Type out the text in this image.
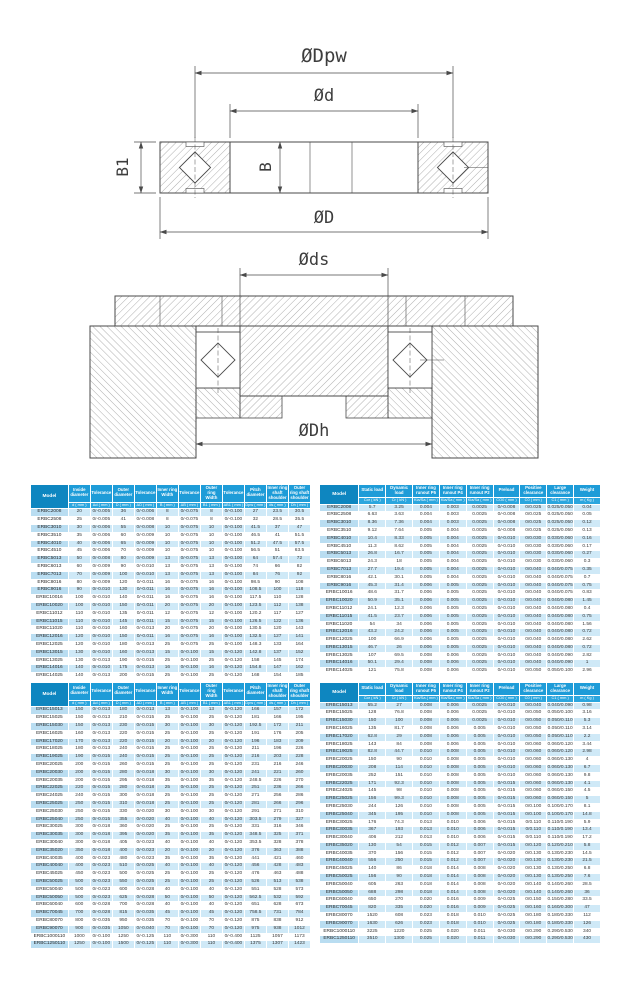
ØDpw
Ød
B
B1
ØD
Øds
ØDh
Model	Inside diameter	Tolerance	Outer diameter	Tolerance	Inner ring Width	Tolerance	Outer ring Width	Tolerance	Pitch diameter	Inner ring shaft shoulder	Outer ring shaft shoulder
	d ( mm )	Δd ( mm )	D ( mm )	ΔD ( mm )	B ( mm )	ΔB ( mm )	B1 ( mm )	ΔB1 ( mm )	Dpw ( mm )	ds ( mm )	Dh ( mm )
ERBC2008	20	0/-0.005	36	0/-0.006	8	0/-0.075	8	0/-0.100	27	23.5	30.5
ERBC2508	25	0/-0.005	41	0/-0.008	8	0/-0.075	8	0/-0.100	32	28.5	35.5
ERBC3010	30	0/-0.006	55	0/-0.008	10	0/-0.075	10	0/-0.100	41.5	37	47
ERBC3510	35	0/-0.006	60	0/-0.009	10	0/-0.075	10	0/-0.100	46.5	41	51.5
ERBC4010	40	0/-0.006	65	0/-0.009	10	0/-0.075	10	0/-0.100	51.2	47.5	57.5
ERBC4510	45	0/-0.006	70	0/-0.009	10	0/-0.075	10	0/-0.100	56.5	51	63.5
ERBC5013	50	0/-0.008	80	0/-0.009	13	0/-0.075	13	0/-0.100	64	57.4	72
ERBC6013	60	0/-0.009	90	0/-0.010	13	0/-0.075	13	0/-0.100	74	66	82
ERBC7013	70	0/-0.009	100	0/-0.010	13	0/-0.075	13	0/-0.100	84	76	92
ERBC8016	80	0/-0.009	120	0/-0.011	16	0/-0.075	16	0/-0.100	98.5	90	108
ERBC9016	90	0/-0.010	130	0/-0.011	16	0/-0.075	16	0/-0.100	108.5	100	118
ERBC10016	100	0/-0.010	140	0/-0.011	16	0/-0.075	16	0/-0.100	117.5	110	128
ERBC10020	100	0/-0.010	150	0/-0.011	20	0/-0.075	20	0/-0.100	123.5	112	138
ERBC11012	110	0/-0.010	135	0/-0.011	12	0/-0.075	12	0/-0.100	120.2	117	127
ERBC11015	110	0/-0.010	145	0/-0.011	15	0/-0.075	15	0/-0.100	126.5	122	136
ERBC11020	110	0/-0.010	160	0/-0.013	20	0/-0.075	20	0/-0.100	130.5	120	143
ERBC12016	120	0/-0.010	150	0/-0.011	16	0/-0.075	16	0/-0.100	132.5	127	141
ERBC12025	120	0/-0.010	180	0/-0.013	25	0/-0.075	25	0/-0.100	148.3	133	164
ERBC13015	130	0/-0.010	160	0/-0.013	15	0/-0.100	15	0/-0.120	142.8	137	152
ERBC13025	130	0/-0.013	190	0/-0.015	25	0/-0.100	25	0/-0.120	158	145	174
ERBC14016	140	0/-0.010	175	0/-0.013	16	0/-0.100	16	0/-0.120	154.8	147	162
ERBC14025	140	0/-0.013	200	0/-0.015	25	0/-0.100	25	0/-0.120	168	154	185
Model	Static load	Dynamic load	Inner ring runout P5	Inner ring runout P4	Inner ring runout P2	Preload	Positive clearance	Large clearance	Weight
	Cor ( kN )	Cr ( kN )	Kia/Sa ( mm )	Kia/Sa ( mm )	Kia/Sa ( mm )	CO0 ( mm )	C0 ( mm )	C1 ( mm )	m ( Kg )
ERBC2008	5.7	3.25	0.004	0.003	0.0025	0/-0.008	0/0.025	0.025/0.050	0.04
ERBC2508	6.63	3.63	0.004	0.003	0.0025	0/-0.008	0/0.025	0.025/0.050	0.05
ERBC3010	8.36	7.36	0.004	0.003	0.0025	0/-0.008	0/0.025	0.025/0.050	0.12
ERBC3510	9.12	7.64	0.005	0.004	0.0025	0/-0.008	0/0.025	0.025/0.050	0.13
ERBC4010	10.4	8.33	0.005	0.004	0.0025	0/-0.010	0/0.030	0.030/0.060	0.16
ERBC4510	11.3	8.62	0.005	0.004	0.0025	0/-0.010	0/0.030	0.030/0.060	0.17
ERBC5013	26.8	16.7	0.005	0.004	0.0025	0/-0.010	0/0.030	0.030/0.060	0.27
ERBC6013	24.3	18	0.005	0.004	0.0025	0/-0.010	0/0.030	0.030/0.060	0.3
ERBC7013	27.7	19.4	0.005	0.004	0.0025	0/-0.010	0/0.040	0.040/0.075	0.35
ERBC8016	42.1	30.1	0.005	0.004	0.0025	0/-0.010	0/0.040	0.040/0.075	0.7
ERBC9016	45.3	31.4	0.006	0.005	0.0025	0/-0.010	0/0.040	0.040/0.075	0.75
ERBC10016	48.6	31.7	0.006	0.005	0.0025	0/-0.010	0/0.040	0.040/0.075	0.83
ERBC10020	50.9	35.1	0.006	0.005	0.0025	0/-0.010	0/0.040	0.040/0.080	1.45
ERBC11012	24.1	12.3	0.006	0.005	0.0025	0/-0.010	0/0.040	0.040/0.080	0.4
ERBC11015	41.5	23.7	0.006	0.005	0.0025	0/-0.010	0/0.040	0.040/0.080	0.75
ERBC11020	54	34	0.006	0.005	0.0025	0/-0.010	0/0.040	0.040/0.080	1.56
ERBC12016	43.2	24.2	0.006	0.005	0.0025	0/-0.010	0/0.040	0.040/0.080	0.72
ERBC12025	100	66.9	0.006	0.005	0.0025	0/-0.010	0/0.040	0.040/0.080	2.62
ERBC13015	46.7	26	0.006	0.005	0.0025	0/-0.010	0/0.040	0.040/0.080	0.72
ERBC13025	107	69.5	0.008	0.006	0.0025	0/-0.010	0/0.040	0.040/0.090	2.82
ERBC14016	50.1	29.4	0.008	0.006	0.0025	0/-0.010	0/0.040	0.040/0.090	1
ERBC14025	121	75.8	0.008	0.006	0.0025	0/-0.010	0/0.050	0.050/0.100	2.96
Model	Inside diameter	Tolerance	Outer diameter	Tolerance	Inner ring Width	Tolerance	Outer ring Width	Tolerance	Pitch diameter	Inner ring shaft shoulder	Outer ring shaft shoulder
	d ( mm )	Δd ( mm )	D ( mm )	ΔD ( mm )	B ( mm )	ΔB ( mm )	B1 ( mm )	ΔB1 ( mm )	Dpw ( mm )	ds ( mm )	Dh ( mm )
ERBC15013	150	0/-0.013	180	0/-0.013	13	0/-0.100	13	0/-0.120	166	157	172
ERBC15025	150	0/-0.013	210	0/-0.015	25	0/-0.100	25	0/-0.120	181	166	195
ERBC15030	150	0/-0.013	230	0/-0.015	30	0/-0.100	30	0/-0.120	192.5	172	211
ERBC16025	160	0/-0.013	220	0/-0.015	25	0/-0.100	25	0/-0.120	191	176	205
ERBC17020	170	0/-0.013	220	0/-0.015	20	0/-0.100	20	0/-0.120	196	183	209
ERBC18025	180	0/-0.013	240	0/-0.015	25	0/-0.100	25	0/-0.120	211	196	226
ERBC19025	190	0/-0.015	240	0/-0.015	25	0/-0.100	25	0/-0.120	216	203	228
ERBC20025	200	0/-0.015	260	0/-0.015	25	0/-0.100	25	0/-0.120	231	216	246
ERBC20030	200	0/-0.015	280	0/-0.018	30	0/-0.100	30	0/-0.120	241	221	260
ERBC20035	200	0/-0.015	295	0/-0.018	35	0/-0.100	35	0/-0.120	248.5	226	270
ERBC22025	220	0/-0.015	280	0/-0.018	25	0/-0.100	25	0/-0.120	251	236	266
ERBC24025	240	0/-0.015	300	0/-0.018	25	0/-0.100	25	0/-0.120	271	256	286
ERBC25025	250	0/-0.015	310	0/-0.018	25	0/-0.100	25	0/-0.120	281	266	296
ERBC25030	250	0/-0.015	330	0/-0.020	30	0/-0.100	30	0/-0.120	291	271	310
ERBC25040	250	0/-0.015	355	0/-0.020	40	0/-0.100	40	0/-0.120	303.5	279	327
ERBC30025	300	0/-0.018	360	0/-0.020	25	0/-0.100	25	0/-0.120	331	316	346
ERBC30035	300	0/-0.018	395	0/-0.020	35	0/-0.100	35	0/-0.120	348.5	325	371
ERBC30040	300	0/-0.018	405	0/-0.023	40	0/-0.100	40	0/-0.120	353.5	328	378
ERBC35020	350	0/-0.018	400	0/-0.023	20	0/-0.100	20	0/-0.120	376	363	388
ERBC40035	400	0/-0.023	480	0/-0.023	35	0/-0.100	35	0/-0.120	441	421	460
ERBC40040	400	0/-0.023	510	0/-0.025	40	0/-0.100	40	0/-0.120	456	428	483
ERBC45025	450	0/-0.023	500	0/-0.025	25	0/-0.100	25	0/-0.120	476	463	488
ERBC50025	500	0/-0.023	550	0/-0.025	25	0/-0.100	25	0/-0.120	526	513	538
ERBC50040	500	0/-0.023	600	0/-0.028	40	0/-0.100	40	0/-0.120	551	528	573
ERBC50050	500	0/-0.023	625	0/-0.028	50	0/-0.100	50	0/-0.120	562.5	532	592
ERBC60040	600	0/-0.028	700	0/-0.028	40	0/-0.100	40	0/-0.120	651	628	673
ERBC70045	700	0/-0.028	815	0/-0.035	45	0/-0.100	45	0/-0.120	758.5	731	784
ERBC80070	800	0/-0.035	950	0/-0.035	70	0/-0.100	70	0/-0.120	875	838	912
ERBC90070	900	0/-0.035	1050	0/-0.040	70	0/-0.100	70	0/-0.120	975	938	1012
ERBC1000110	1000	0/-0.100	1250	0/-0.125	110	0/-0.300	110	0/-0.400	1125	1057	1173
ERBC1250110	1250	0/-0.100	1500	0/-0.125	110	0/-0.300	110	0/-0.400	1375	1307	1423
Model	Static load	Dynamic load	Inner ring runout P5	Inner ring runout P4	Inner ring runout P2	Preload	Positive clearance	Large clearance	Weight
	Cor ( kN )	Cr ( kN )	Kia/Sa ( mm )	Kia/Sa ( mm )	Kia/Sa ( mm )	CO0 ( mm )	C0 ( mm )	C1 ( mm )	m ( Kg )
ERBC15013	55.2	27	0.008	0.006	0.0025	0/-0.010	0/0.040	0.040/0.090	0.98
ERBC15025	128	76.8	0.008	0.006	0.0025	0/-0.010	0/0.050	0.050/0.100	3.16
ERBC15030	150	100	0.008	0.006	0.0025	0/-0.010	0/0.050	0.050/0.110	5.3
ERBC16025	135	81.7	0.008	0.006	0.005	0/-0.010	0/0.050	0.050/0.110	3.14
ERBC17020	62.8	29	0.008	0.006	0.005	0/-0.010	0/0.050	0.050/0.110	2.2
ERBC18025	143	84	0.008	0.006	0.005	0/-0.010	0/0.060	0.060/0.120	3.44
ERBC19025	82.8	44.7	0.010	0.008	0.005	0/-0.010	0/0.060	0.060/0.120	2.98
ERBC20025	150	90	0.010	0.008	0.005	0/-0.010	0/0.060	0.060/0.130	4
ERBC20030	208	114	0.010	0.008	0.005	0/-0.010	0/0.060	0.060/0.130	6.7
ERBC20035	252	151	0.010	0.008	0.005	0/-0.010	0/0.060	0.060/0.130	9.8
ERBC22025	171	92.3	0.010	0.008	0.005	0/-0.015	0/0.060	0.060/0.130	4.1
ERBC24025	145	98	0.010	0.008	0.005	0/-0.015	0/0.060	0.060/0.150	4.5
ERBC25025	156	99.3	0.010	0.008	0.005	0/-0.015	0/0.060	0.060/0.150	5
ERBC25030	244	126	0.010	0.008	0.005	0/-0.015	0/0.100	0.100/0.170	8.1
ERBC25040	345	195	0.010	0.008	0.005	0/-0.015	0/0.100	0.100/0.170	14.8
ERBC30025	176	74.3	0.013	0.010	0.006	0/-0.015	0/0.110	0.110/0.190	5.9
ERBC30035	367	193	0.013	0.010	0.006	0/-0.015	0/0.110	0.110/0.190	13.4
ERBC30040	406	212	0.013	0.010	0.006	0/-0.015	0/0.110	0.110/0.190	17.2
ERBC35020	130	54	0.015	0.012	0.007	0/-0.015	0/0.120	0.120/0.210	5.8
ERBC40035	370	156	0.015	0.012	0.007	0/-0.020	0/0.130	0.130/0.230	14.5
ERBC40040	556	250	0.015	0.012	0.007	0/-0.020	0/0.130	0.130/0.230	21.5
ERBC45025	140	86	0.018	0.014	0.008	0/-0.020	0/0.130	0.130/0.250	6.8
ERBC50025	156	90	0.018	0.014	0.008	0/-0.020	0/0.130	0.130/0.250	7.6
ERBC50040	605	263	0.018	0.014	0.008	0/-0.020	0/0.140	0.140/0.260	28.5
ERBC50050	688	298	0.018	0.014	0.008	0/-0.020	0/0.140	0.140/0.260	36
ERBC60040	650	270	0.020	0.016	0.009	0/-0.025	0/0.150	0.150/0.280	33.5
ERBC70045	820	335	0.020	0.016	0.009	0/-0.025	0/0.160	0.160/0.300	47
ERBC80070	1520	608	0.023	0.018	0.010	0/-0.025	0/0.180	0.180/0.330	112
ERBC90070	1630	626	0.023	0.018	0.010	0/-0.025	0/0.180	0.180/0.330	126
ERBC1000110	3225	1220	0.025	0.020	0.011	0/-0.030	0/0.290	0.290/0.530	340
ERBC1250110	3510	1300	0.025	0.020	0.011	0/-0.030	0/0.290	0.290/0.530	430
